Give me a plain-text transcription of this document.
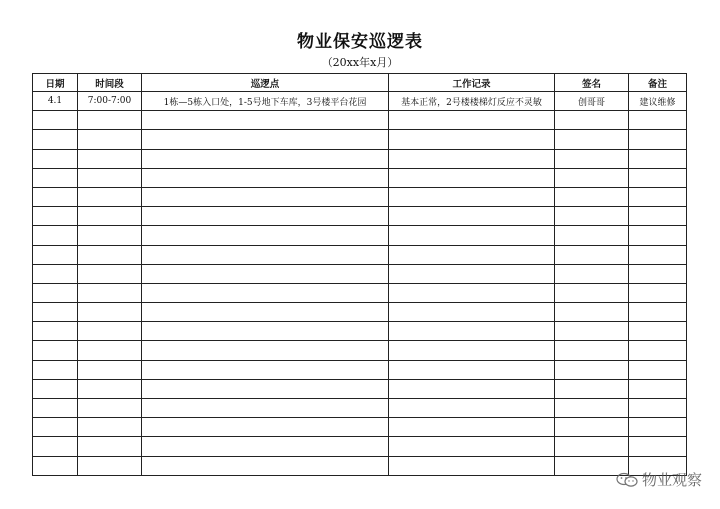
物业保安巡逻表
（20xx年x月）
日期	时间段	巡逻点	工作记录	签名	备注
4.1	7:00-7:00	1栋—5栋入口处，1-5号地下车库，3号楼平台花园	基本正常，2号楼楼梯灯反应不灵敏	创哥哥	建议维修

物业观察
